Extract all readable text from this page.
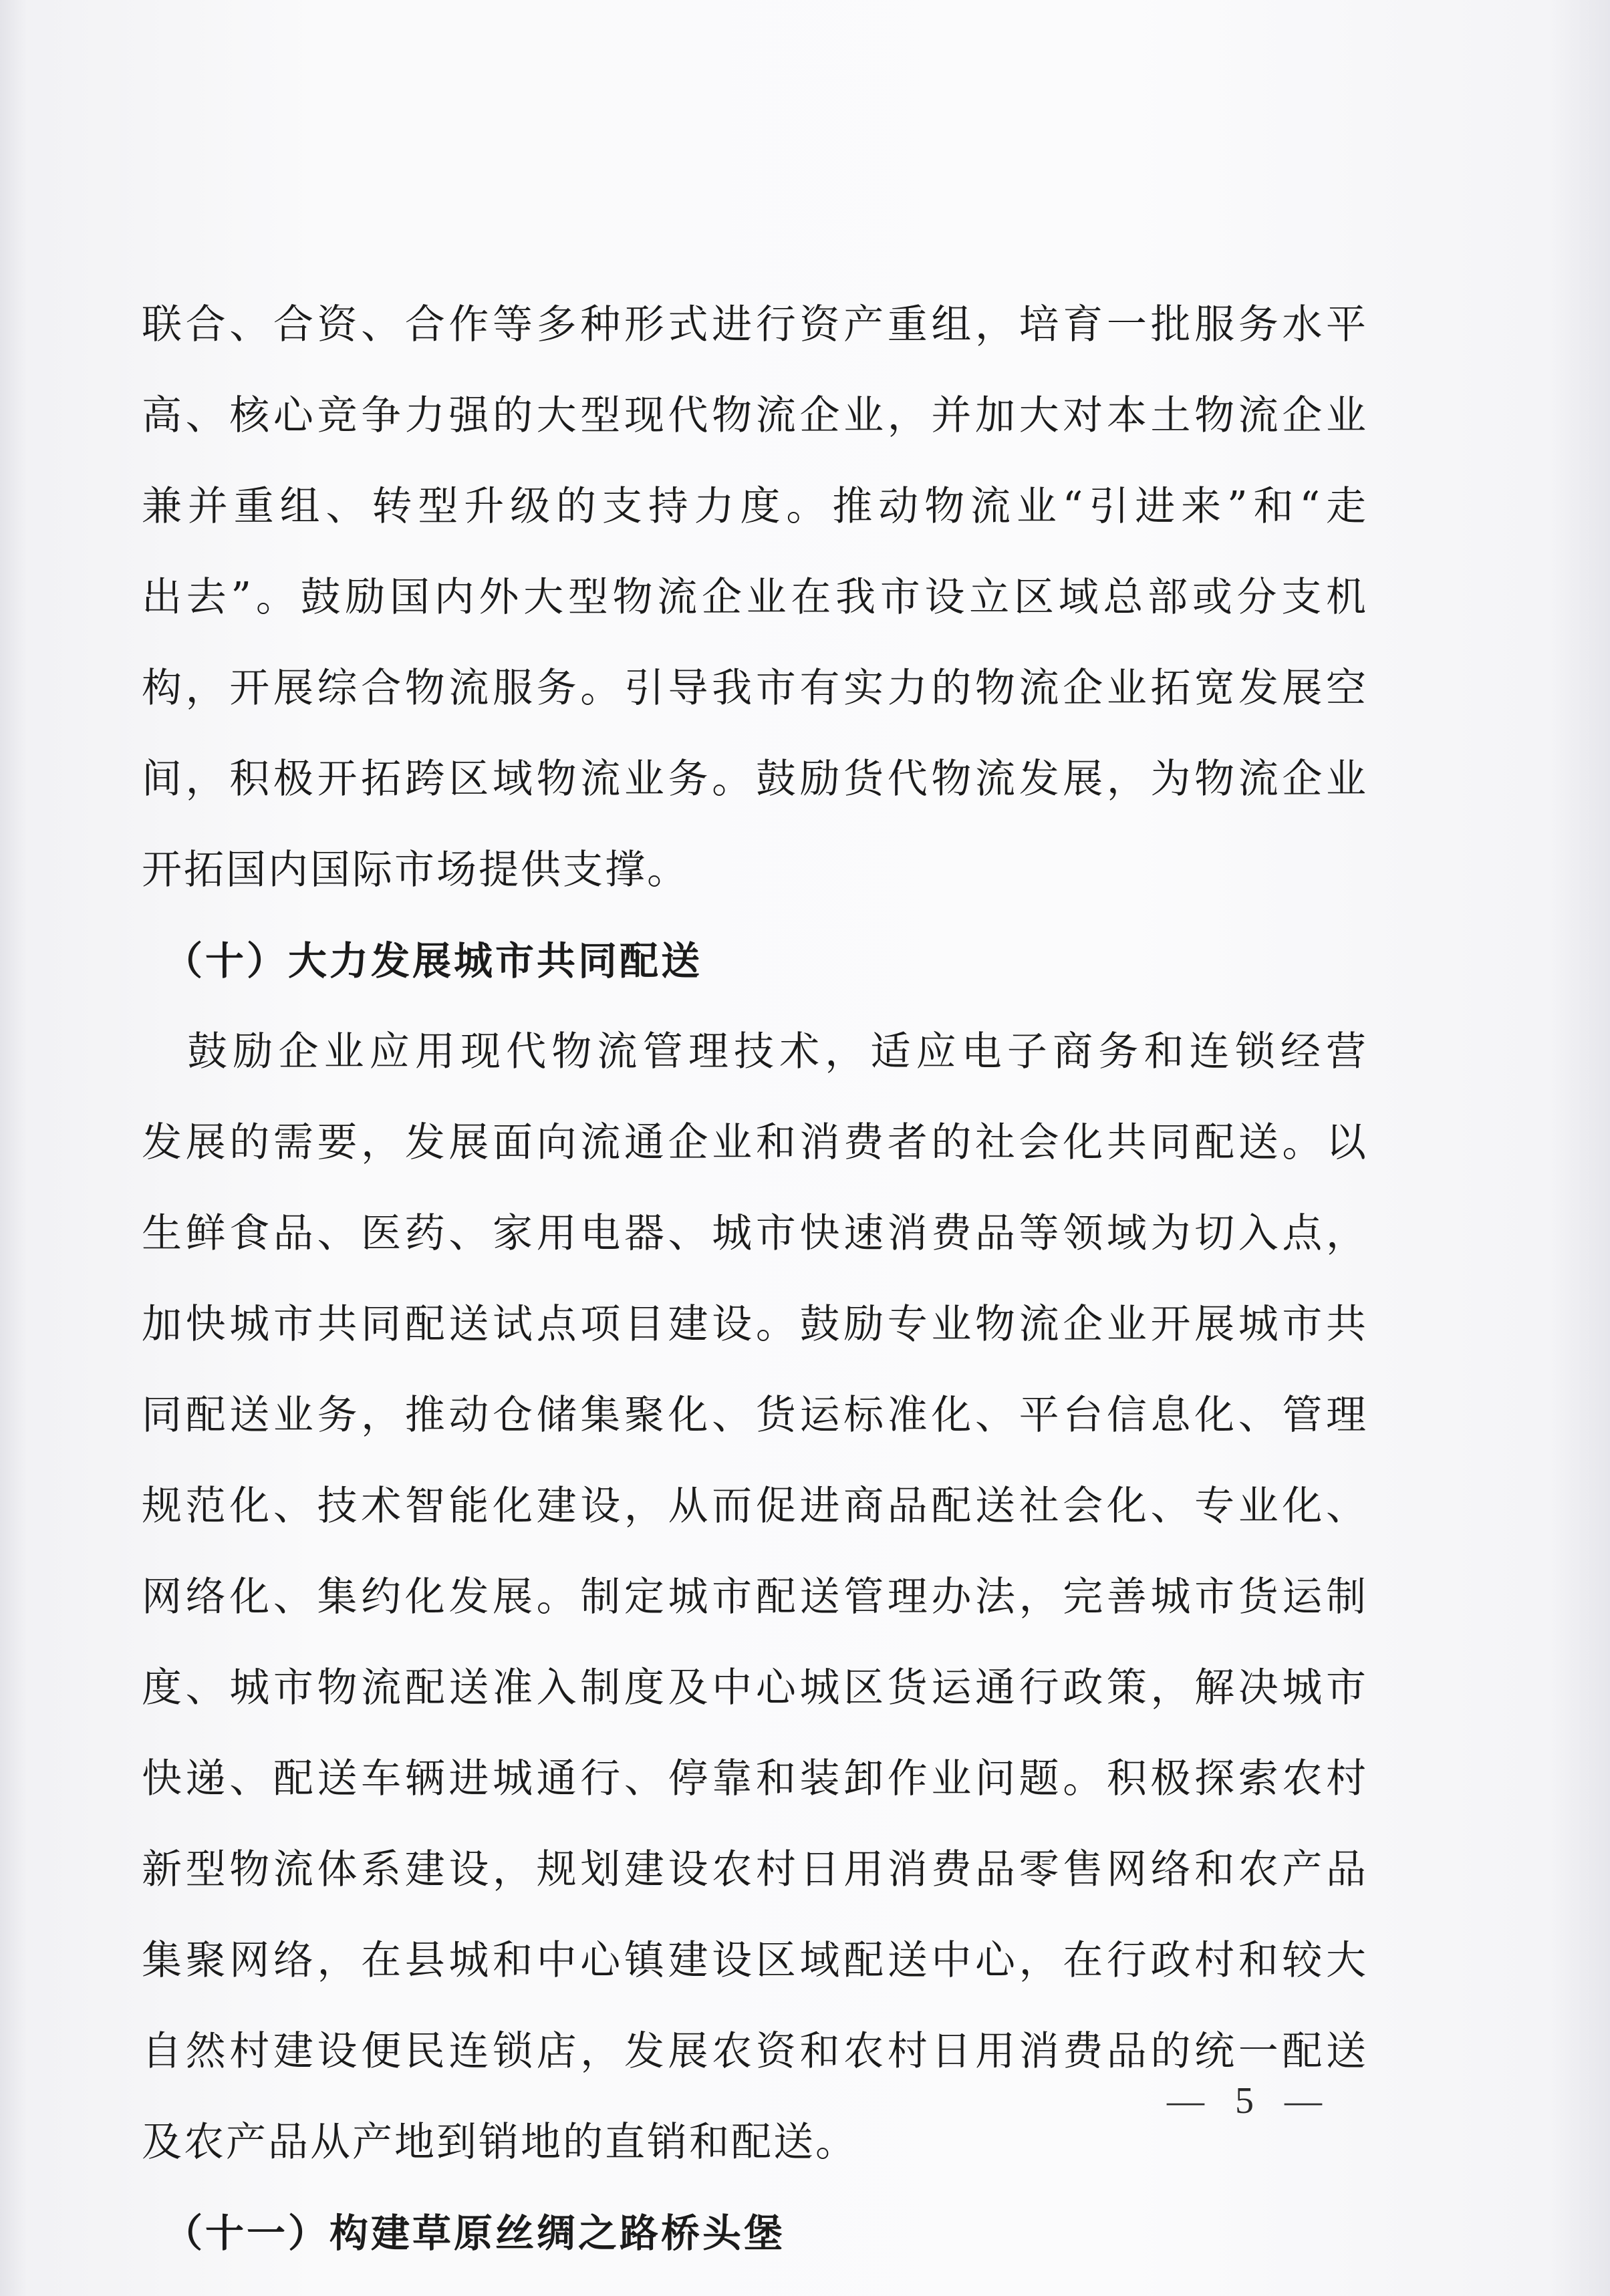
联合、合资、合作等多种形式进行资产重组，培育一批服务水平
高、核心竞争力强的大型现代物流企业，并加大对本土物流企业
兼并重组、转型升级的支持力度。推动物流业“引进来”和“走
出去”。鼓励国内外大型物流企业在我市设立区域总部或分支机
构，开展综合物流服务。引导我市有实力的物流企业拓宽发展空
间，积极开拓跨区域物流业务。鼓励货代物流发展，为物流企业
开拓国内国际市场提供支撑。
　（十）大力发展城市共同配送
　鼓励企业应用现代物流管理技术，适应电子商务和连锁经营
发展的需要，发展面向流通企业和消费者的社会化共同配送。以
生鲜食品、医药、家用电器、城市快速消费品等领域为切入点，
加快城市共同配送试点项目建设。鼓励专业物流企业开展城市共
同配送业务，推动仓储集聚化、货运标准化、平台信息化、管理
规范化、技术智能化建设，从而促进商品配送社会化、专业化、
网络化、集约化发展。制定城市配送管理办法，完善城市货运制
度、城市物流配送准入制度及中心城区货运通行政策，解决城市
快递、配送车辆进城通行、停靠和装卸作业问题。积极探索农村
新型物流体系建设，规划建设农村日用消费品零售网络和农产品
集聚网络，在县城和中心镇建设区域配送中心，在行政村和较大
自然村建设便民连锁店，发展农资和农村日用消费品的统一配送
及农产品从产地到销地的直销和配送。
　（十一）构建草原丝绸之路桥头堡
— 5 —
